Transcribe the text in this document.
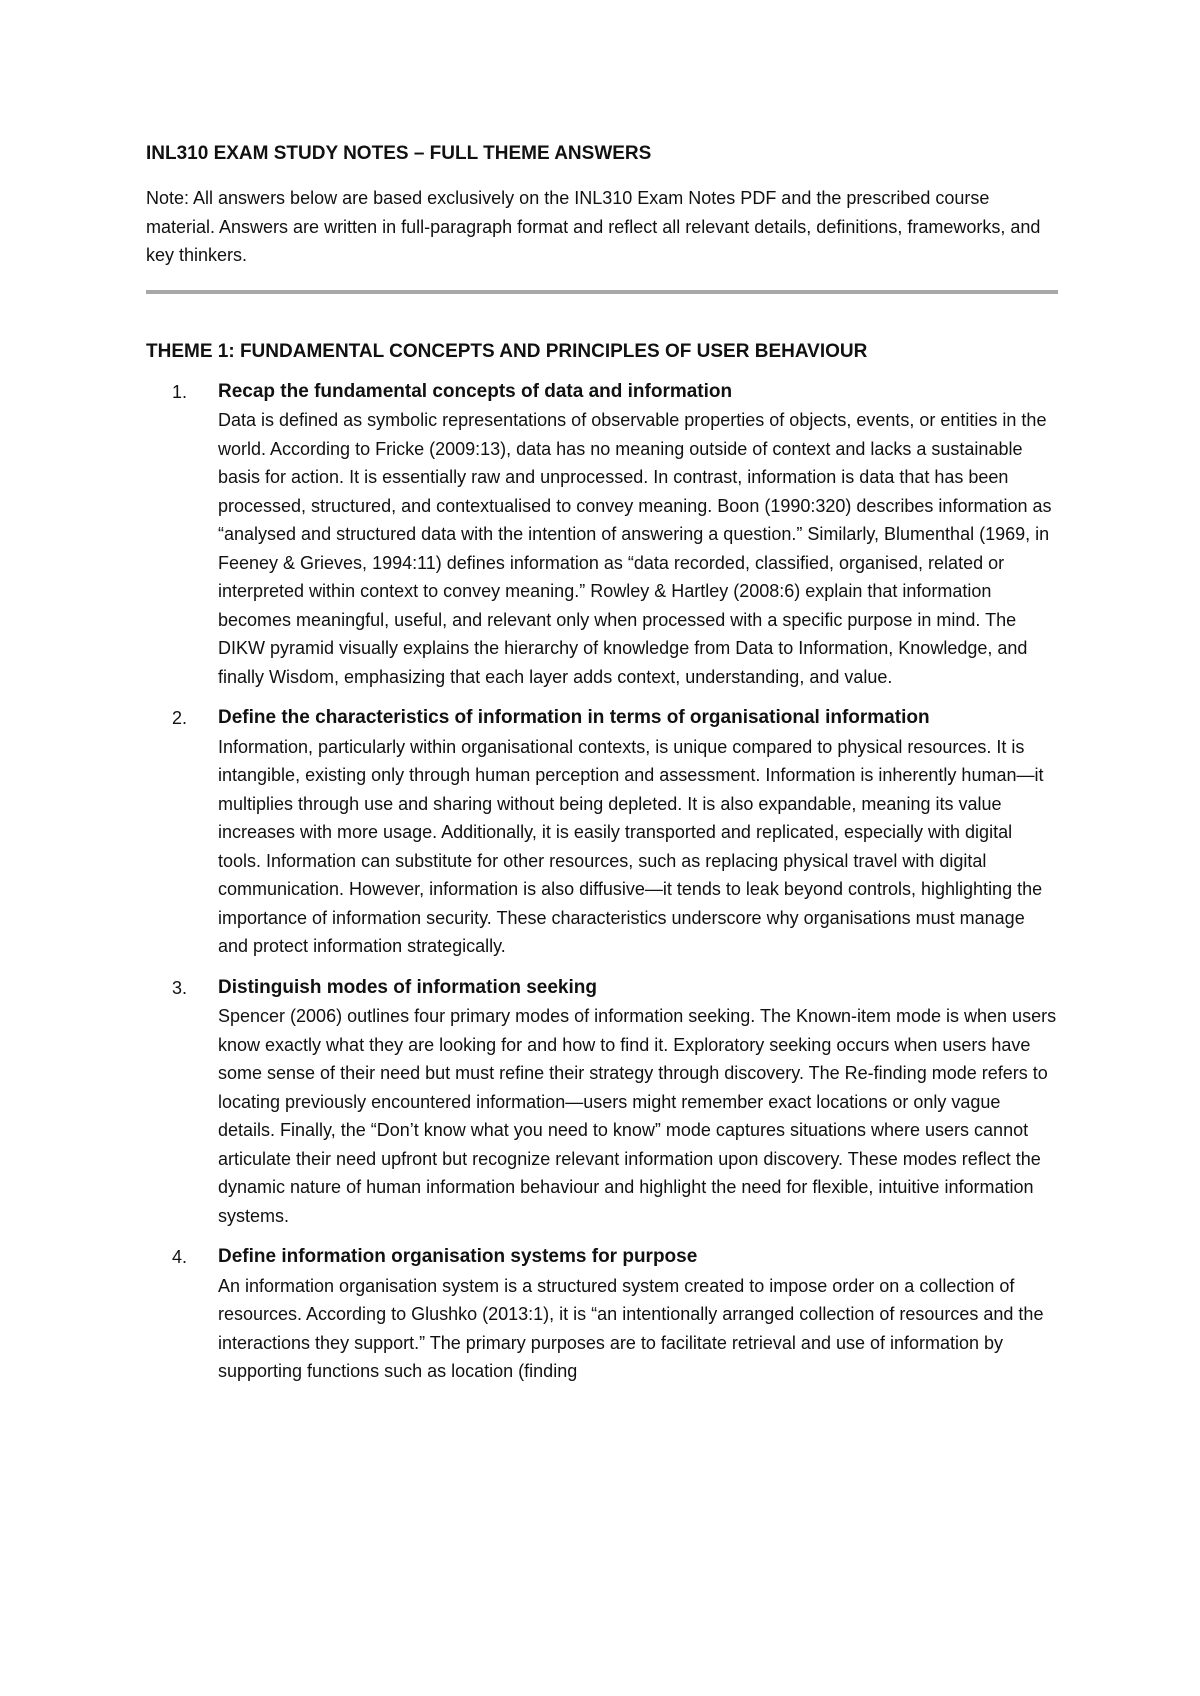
INL310 EXAM STUDY NOTES – FULL THEME ANSWERS

Note: All answers below are based exclusively on the INL310 Exam Notes PDF and the prescribed course material. Answers are written in full-paragraph format and reflect all relevant details, definitions, frameworks, and key thinkers.

THEME 1: FUNDAMENTAL CONCEPTS AND PRINCIPLES OF USER BEHAVIOUR
1. Recap the fundamental concepts of data and information

Data is defined as symbolic representations of observable properties of objects, events, or entities in the world. According to Fricke (2009:13), data has no meaning outside of context and lacks a sustainable basis for action. It is essentially raw and unprocessed. In contrast, information is data that has been processed, structured, and contextualised to convey meaning. Boon (1990:320) describes information as “analysed and structured data with the intention of answering a question.” Similarly, Blumenthal (1969, in Feeney & Grieves, 1994:11) defines information as “data recorded, classified, organised, related or interpreted within context to convey meaning.” Rowley & Hartley (2008:6) explain that information becomes meaningful, useful, and relevant only when processed with a specific purpose in mind. The DIKW pyramid visually explains the hierarchy of knowledge from Data to Information, Knowledge, and finally Wisdom, emphasizing that each layer adds context, understanding, and value.

2. Define the characteristics of information in terms of organisational information

Information, particularly within organisational contexts, is unique compared to physical resources. It is intangible, existing only through human perception and assessment. Information is inherently human—it multiplies through use and sharing without being depleted. It is also expandable, meaning its value increases with more usage. Additionally, it is easily transported and replicated, especially with digital tools. Information can substitute for other resources, such as replacing physical travel with digital communication. However, information is also diffusive—it tends to leak beyond controls, highlighting the importance of information security. These characteristics underscore why organisations must manage and protect information strategically.

3. Distinguish modes of information seeking

Spencer (2006) outlines four primary modes of information seeking. The Known-item mode is when users know exactly what they are looking for and how to find it. Exploratory seeking occurs when users have some sense of their need but must refine their strategy through discovery. The Re-finding mode refers to locating previously encountered information—users might remember exact locations or only vague details. Finally, the “Don’t know what you need to know” mode captures situations where users cannot articulate their need upfront but recognize relevant information upon discovery. These modes reflect the dynamic nature of human information behaviour and highlight the need for flexible, intuitive information systems.

4. Define information organisation systems for purpose

An information organisation system is a structured system created to impose order on a collection of resources. According to Glushko (2013:1), it is “an intentionally arranged collection of resources and the interactions they support.” The primary purposes are to facilitate retrieval and use of information by supporting functions such as location (finding
